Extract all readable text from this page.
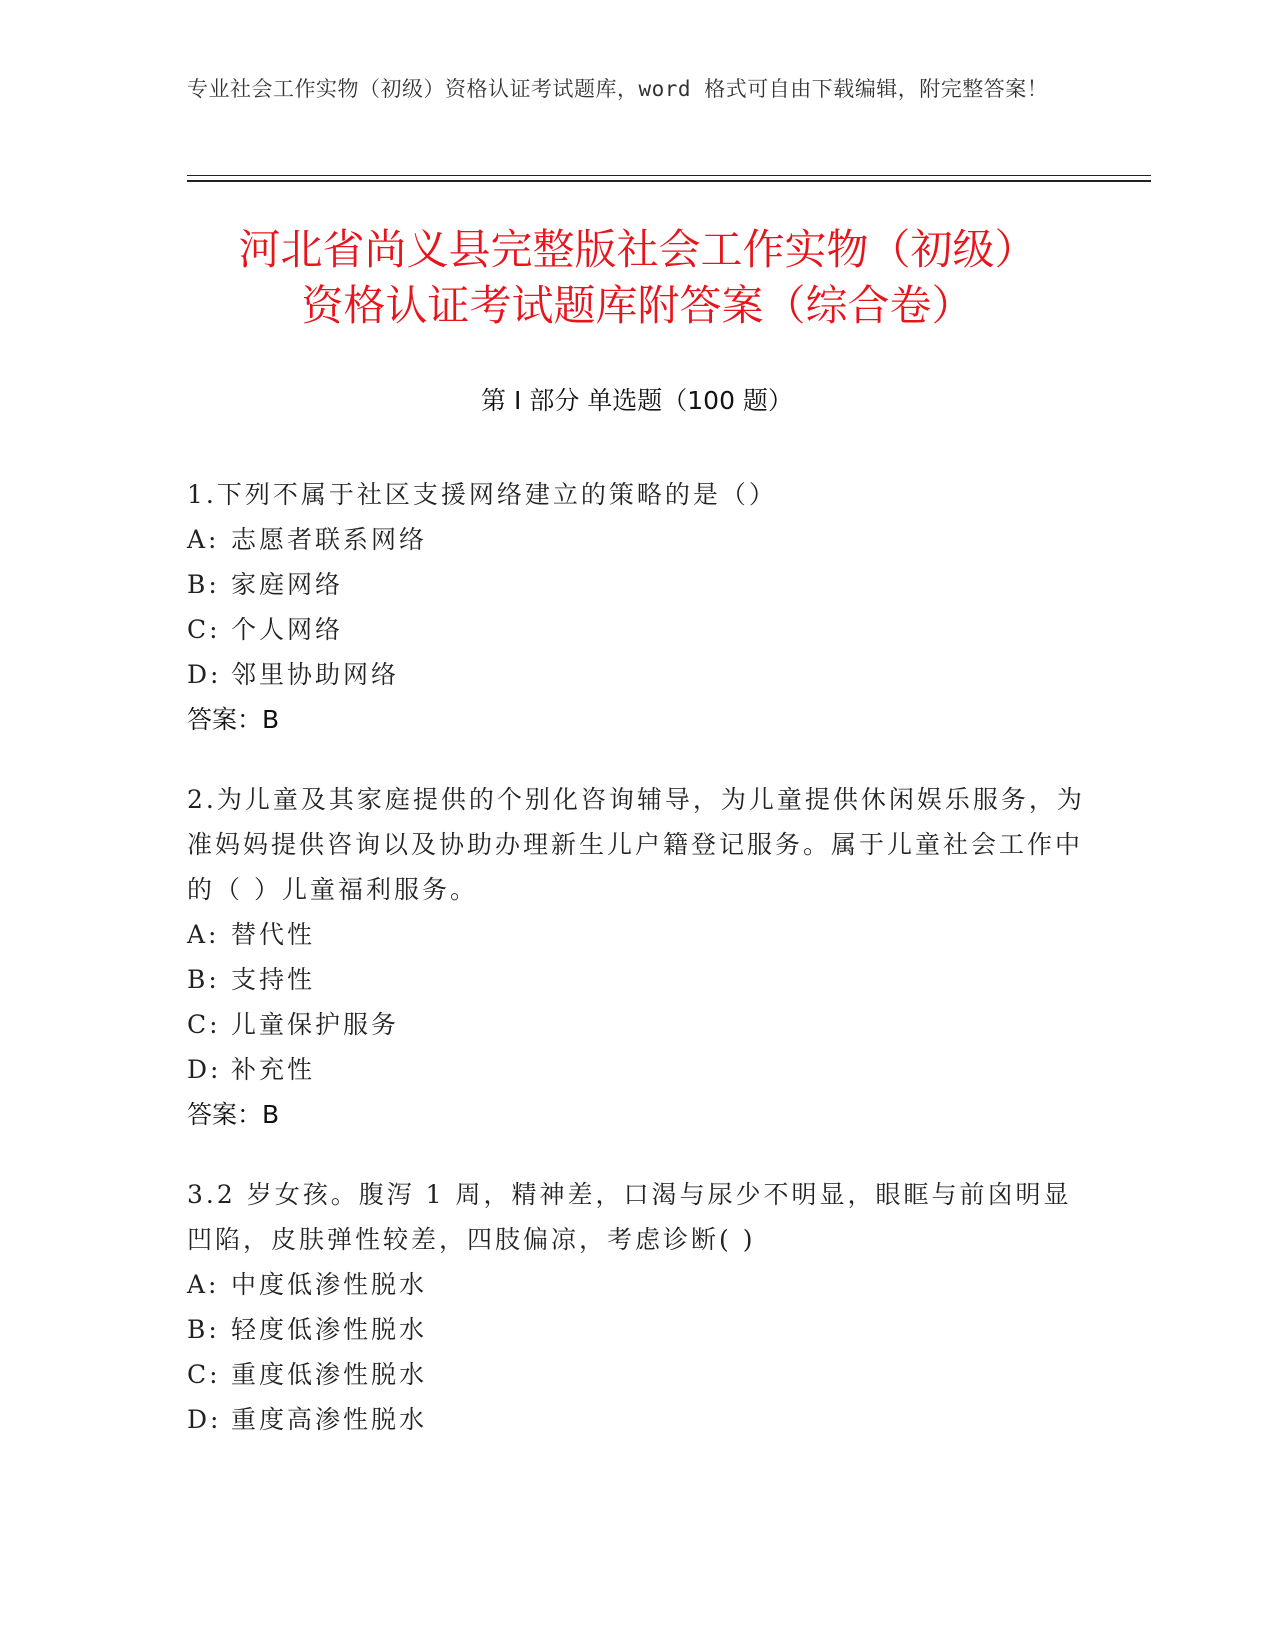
专业社会工作实物（初级）资格认证考试题库，word 格式可自由下载编辑，附完整答案！
河北省尚义县完整版社会工作实物（初级）
资格认证考试题库附答案（综合卷）
第 I 部分 单选题（100 题）
1.下列不属于社区支援网络建立的策略的是（）
A: 志愿者联系网络
B: 家庭网络
C: 个人网络
D: 邻里协助网络
答案：B
2.为儿童及其家庭提供的个别化咨询辅导，为儿童提供休闲娱乐服务，为准妈妈提供咨询以及协助办理新生儿户籍登记服务。属于儿童社会工作中的（ ）儿童福利服务。
A: 替代性
B: 支持性
C: 儿童保护服务
D: 补充性
答案：B
3.2 岁女孩。腹泻 1 周，精神差，口渴与尿少不明显，眼眶与前囟明显凹陷，皮肤弹性较差，四肢偏凉，考虑诊断( )
A: 中度低渗性脱水
B: 轻度低渗性脱水
C: 重度低渗性脱水
D: 重度高渗性脱水
